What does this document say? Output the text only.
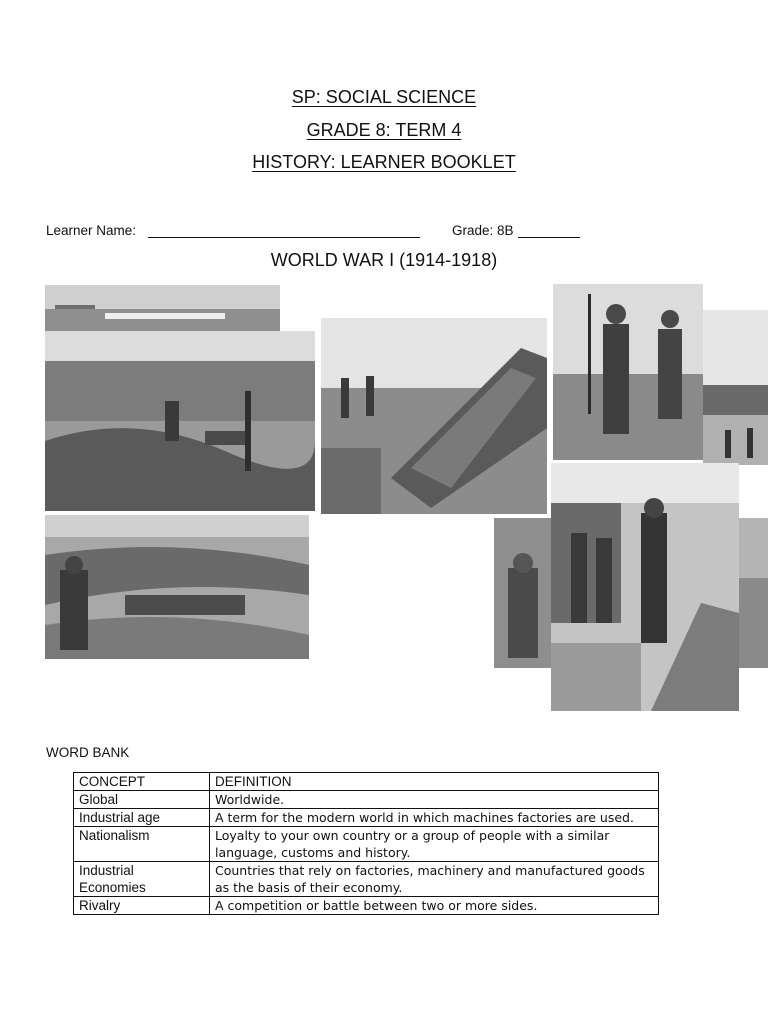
SP: SOCIAL SCIENCE
GRADE 8: TERM 4
HISTORY: LEARNER BOOKLET
Learner Name:	Grade: 8B
WORLD WAR I (1914-1918)
WORD BANK
CONCEPT	DEFINITION
Global	Worldwide.
Industrial age	A term for the modern world in which machines factories are used.
Nationalism	Loyalty to your own country or a group of people with a similar language, customs and history.
Industrial Economies	Countries that rely on factories, machinery and manufactured goods as the basis of their economy.
Rivalry	A competition or battle between two or more sides.
